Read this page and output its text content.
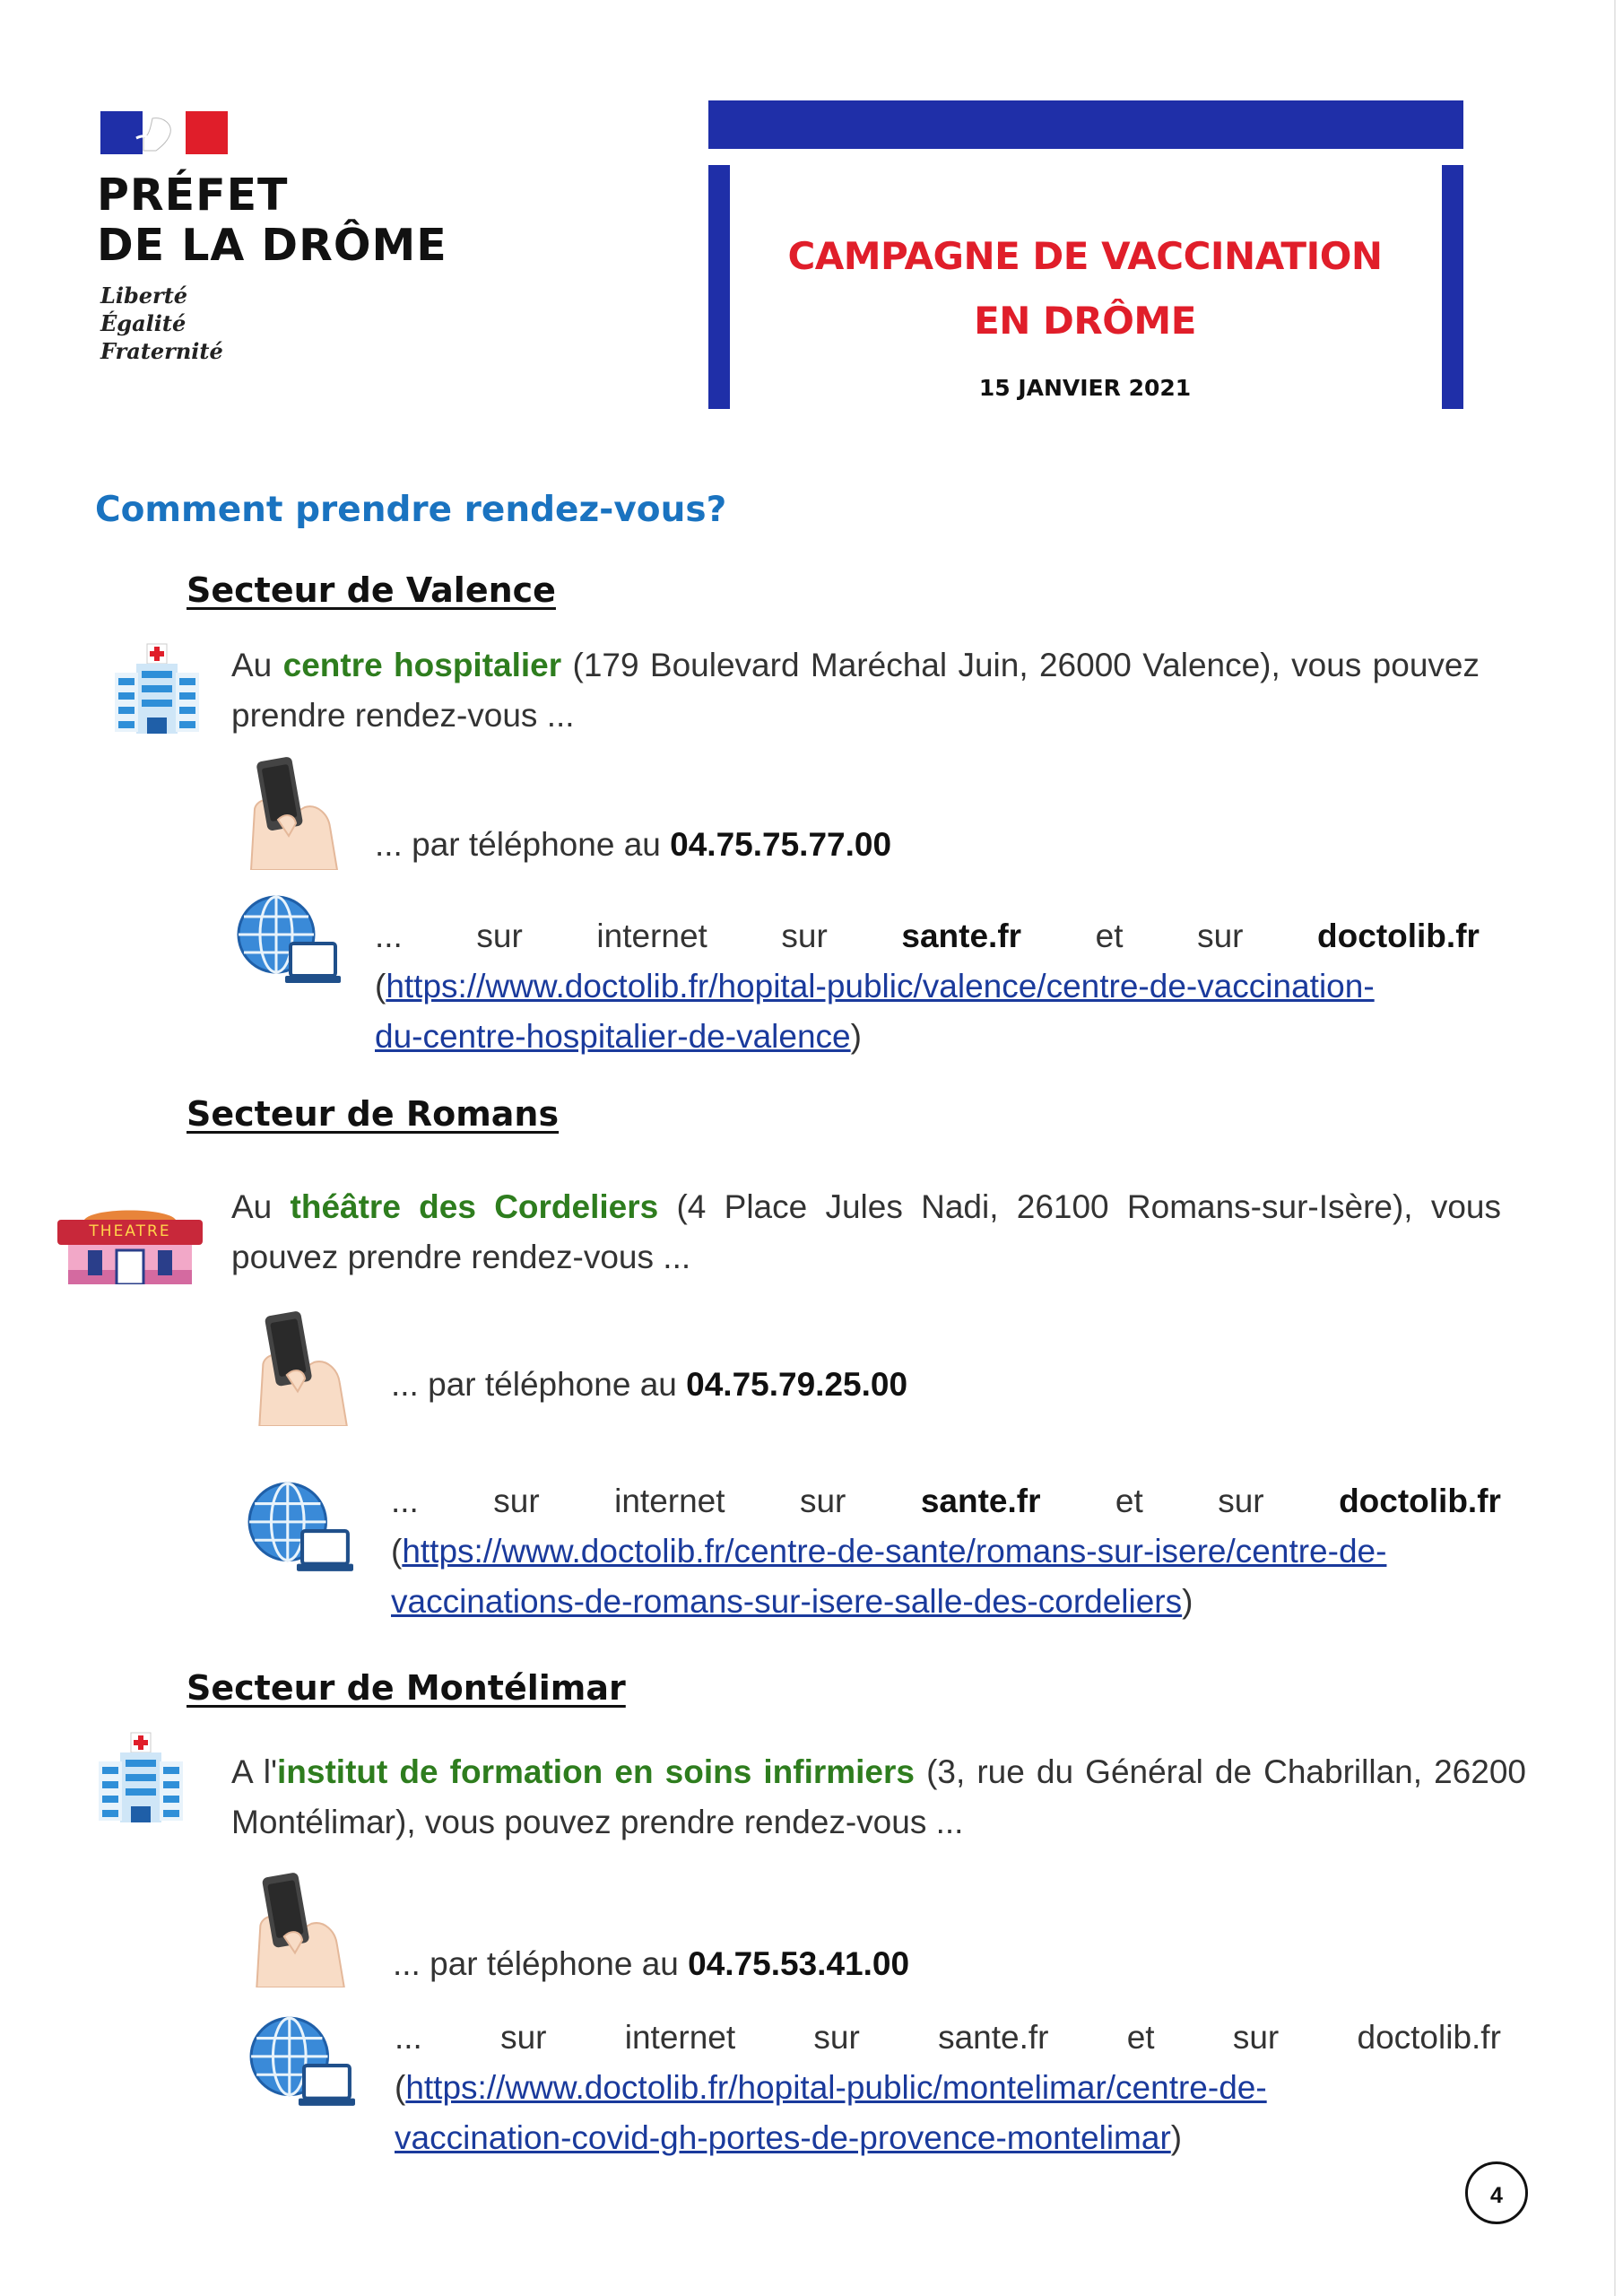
PRÉFET
DE LA DRÔME
Liberté
Égalité
Fraternité
CAMPAGNE DE VACCINATION
EN DRÔME
15 JANVIER 2021
Comment prendre rendez-vous?
Secteur de Valence
Au centre hospitalier (179 Boulevard Maréchal Juin, 26000 Valence), vous pouvez prendre rendez-vous ...
... par téléphone au 04.75.75.77.00
... sur internet sur sante.fr et sur doctolib.fr
(https://www.doctolib.fr/hopital-public/valence/centre-de-vaccination-
du-centre-hospitalier-de-valence)
Secteur de Romans
THEATRE
Au théâtre des Cordeliers (4 Place Jules Nadi, 26100 Romans-sur-Isère), vous pouvez prendre rendez-vous ...
... par téléphone au 04.75.79.25.00
... sur internet sur sante.fr et sur doctolib.fr
(https://www.doctolib.fr/centre-de-sante/romans-sur-isere/centre-de-
vaccinations-de-romans-sur-isere-salle-des-cordeliers)
Secteur de Montélimar
A l'institut de formation en soins infirmiers (3, rue du Général de Chabrillan, 26200 Montélimar), vous pouvez prendre rendez-vous ...
... par téléphone au 04.75.53.41.00
... sur internet sur sante.fr et sur doctolib.fr
(https://www.doctolib.fr/hopital-public/montelimar/centre-de-
vaccination-covid-gh-portes-de-provence-montelimar)
4
